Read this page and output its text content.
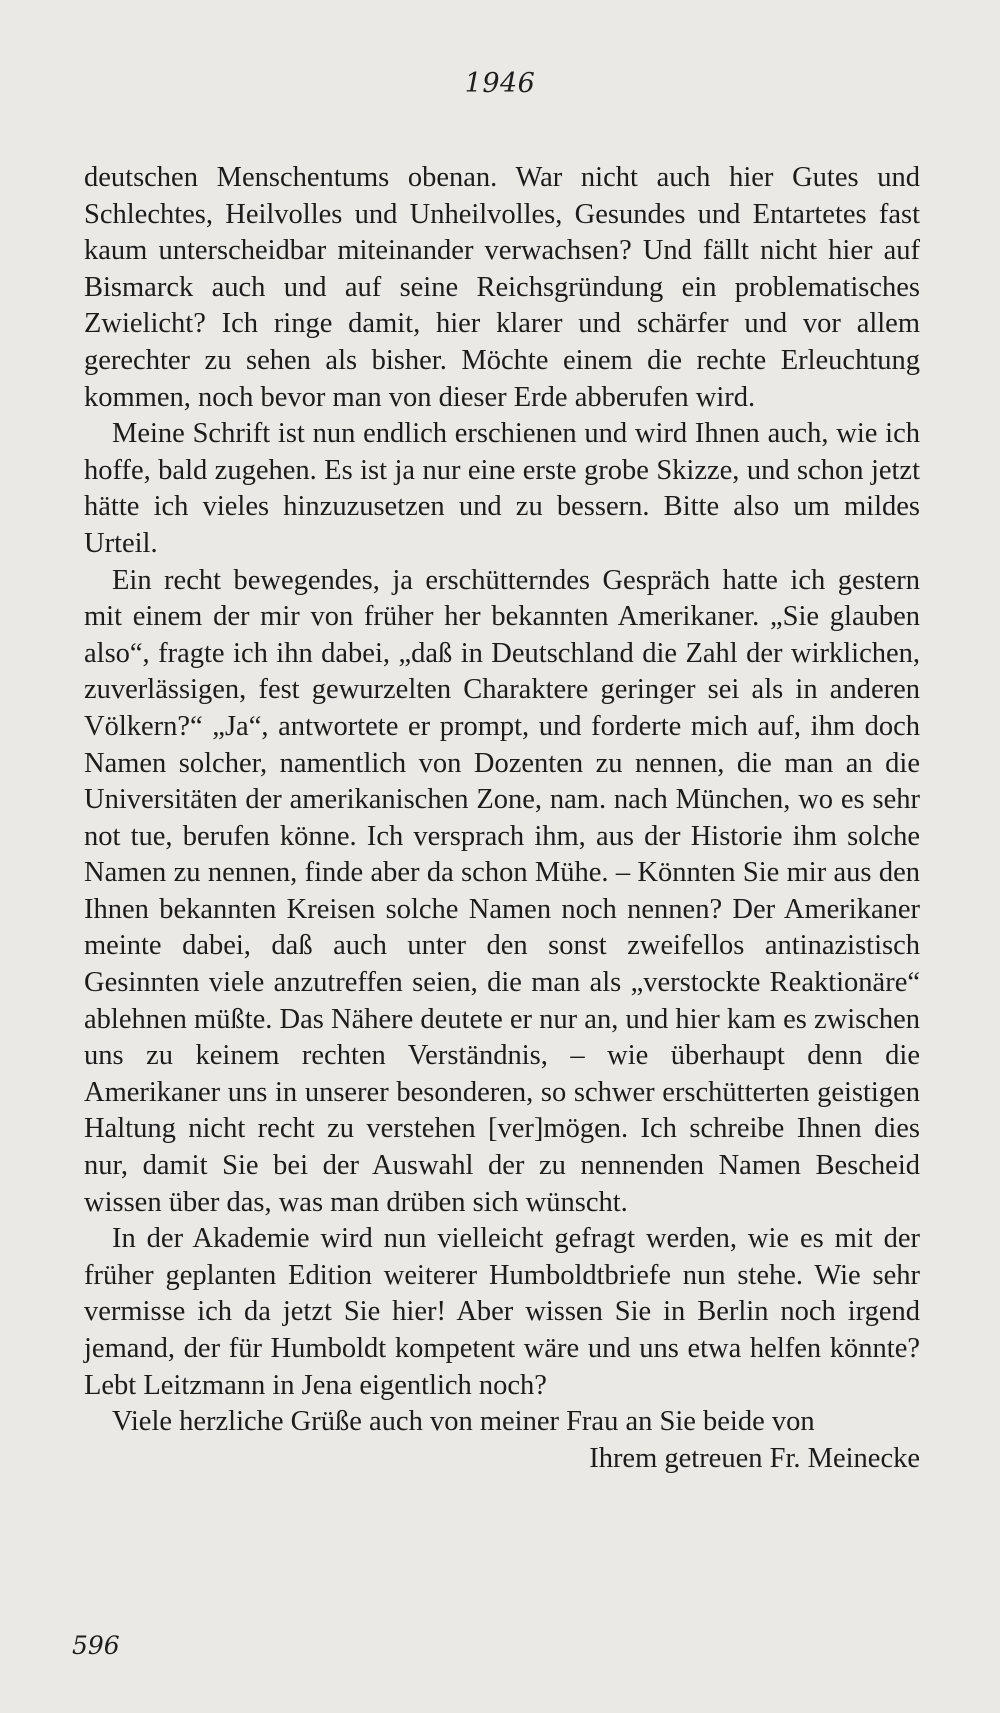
1946

deutschen Menschentums obenan. War nicht auch hier Gutes und Schlechtes, Heilvolles und Unheilvolles, Gesundes und Entartetes fast kaum unterscheidbar miteinander verwachsen? Und fällt nicht hier auf Bismarck auch und auf seine Reichsgründung ein problematisches Zwielicht? Ich ringe damit, hier klarer und schärfer und vor allem gerechter zu sehen als bisher. Möchte einem die rechte Erleuchtung kommen, noch bevor man von dieser Erde abberufen wird.

Meine Schrift ist nun endlich erschienen und wird Ihnen auch, wie ich hoffe, bald zugehen. Es ist ja nur eine erste grobe Skizze, und schon jetzt hätte ich vieles hinzuzusetzen und zu bessern. Bitte also um mildes Urteil.

Ein recht bewegendes, ja erschütterndes Gespräch hatte ich gestern mit einem der mir von früher her bekannten Amerikaner. „Sie glauben also“, fragte ich ihn dabei, „daß in Deutschland die Zahl der wirklichen, zuverlässigen, fest gewurzelten Charaktere geringer sei als in anderen Völkern?“ „Ja“, antwortete er prompt, und forderte mich auf, ihm doch Namen solcher, namentlich von Dozenten zu nennen, die man an die Universitäten der amerikanischen Zone, nam. nach München, wo es sehr not tue, berufen könne. Ich versprach ihm, aus der Historie ihm solche Namen zu nennen, finde aber da schon Mühe. – Könnten Sie mir aus den Ihnen bekannten Kreisen solche Namen noch nennen? Der Amerikaner meinte dabei, daß auch unter den sonst zweifellos antinazistisch Gesinnten viele anzutreffen seien, die man als „verstockte Reaktionäre“ ablehnen müßte. Das Nähere deutete er nur an, und hier kam es zwischen uns zu keinem rechten Verständnis, – wie überhaupt denn die Amerikaner uns in unserer besonderen, so schwer erschütterten geistigen Haltung nicht recht zu verstehen [ver]mögen. Ich schreibe Ihnen dies nur, damit Sie bei der Auswahl der zu nennenden Namen Bescheid wissen über das, was man drüben sich wünscht.

In der Akademie wird nun vielleicht gefragt werden, wie es mit der früher geplanten Edition weiterer Humboldtbriefe nun stehe. Wie sehr vermisse ich da jetzt Sie hier! Aber wissen Sie in Berlin noch irgend jemand, der für Humboldt kompetent wäre und uns etwa helfen könnte? Lebt Leitzmann in Jena eigentlich noch?

Viele herzliche Grüße auch von meiner Frau an Sie beide von

Ihrem getreuen Fr. Meinecke

596
